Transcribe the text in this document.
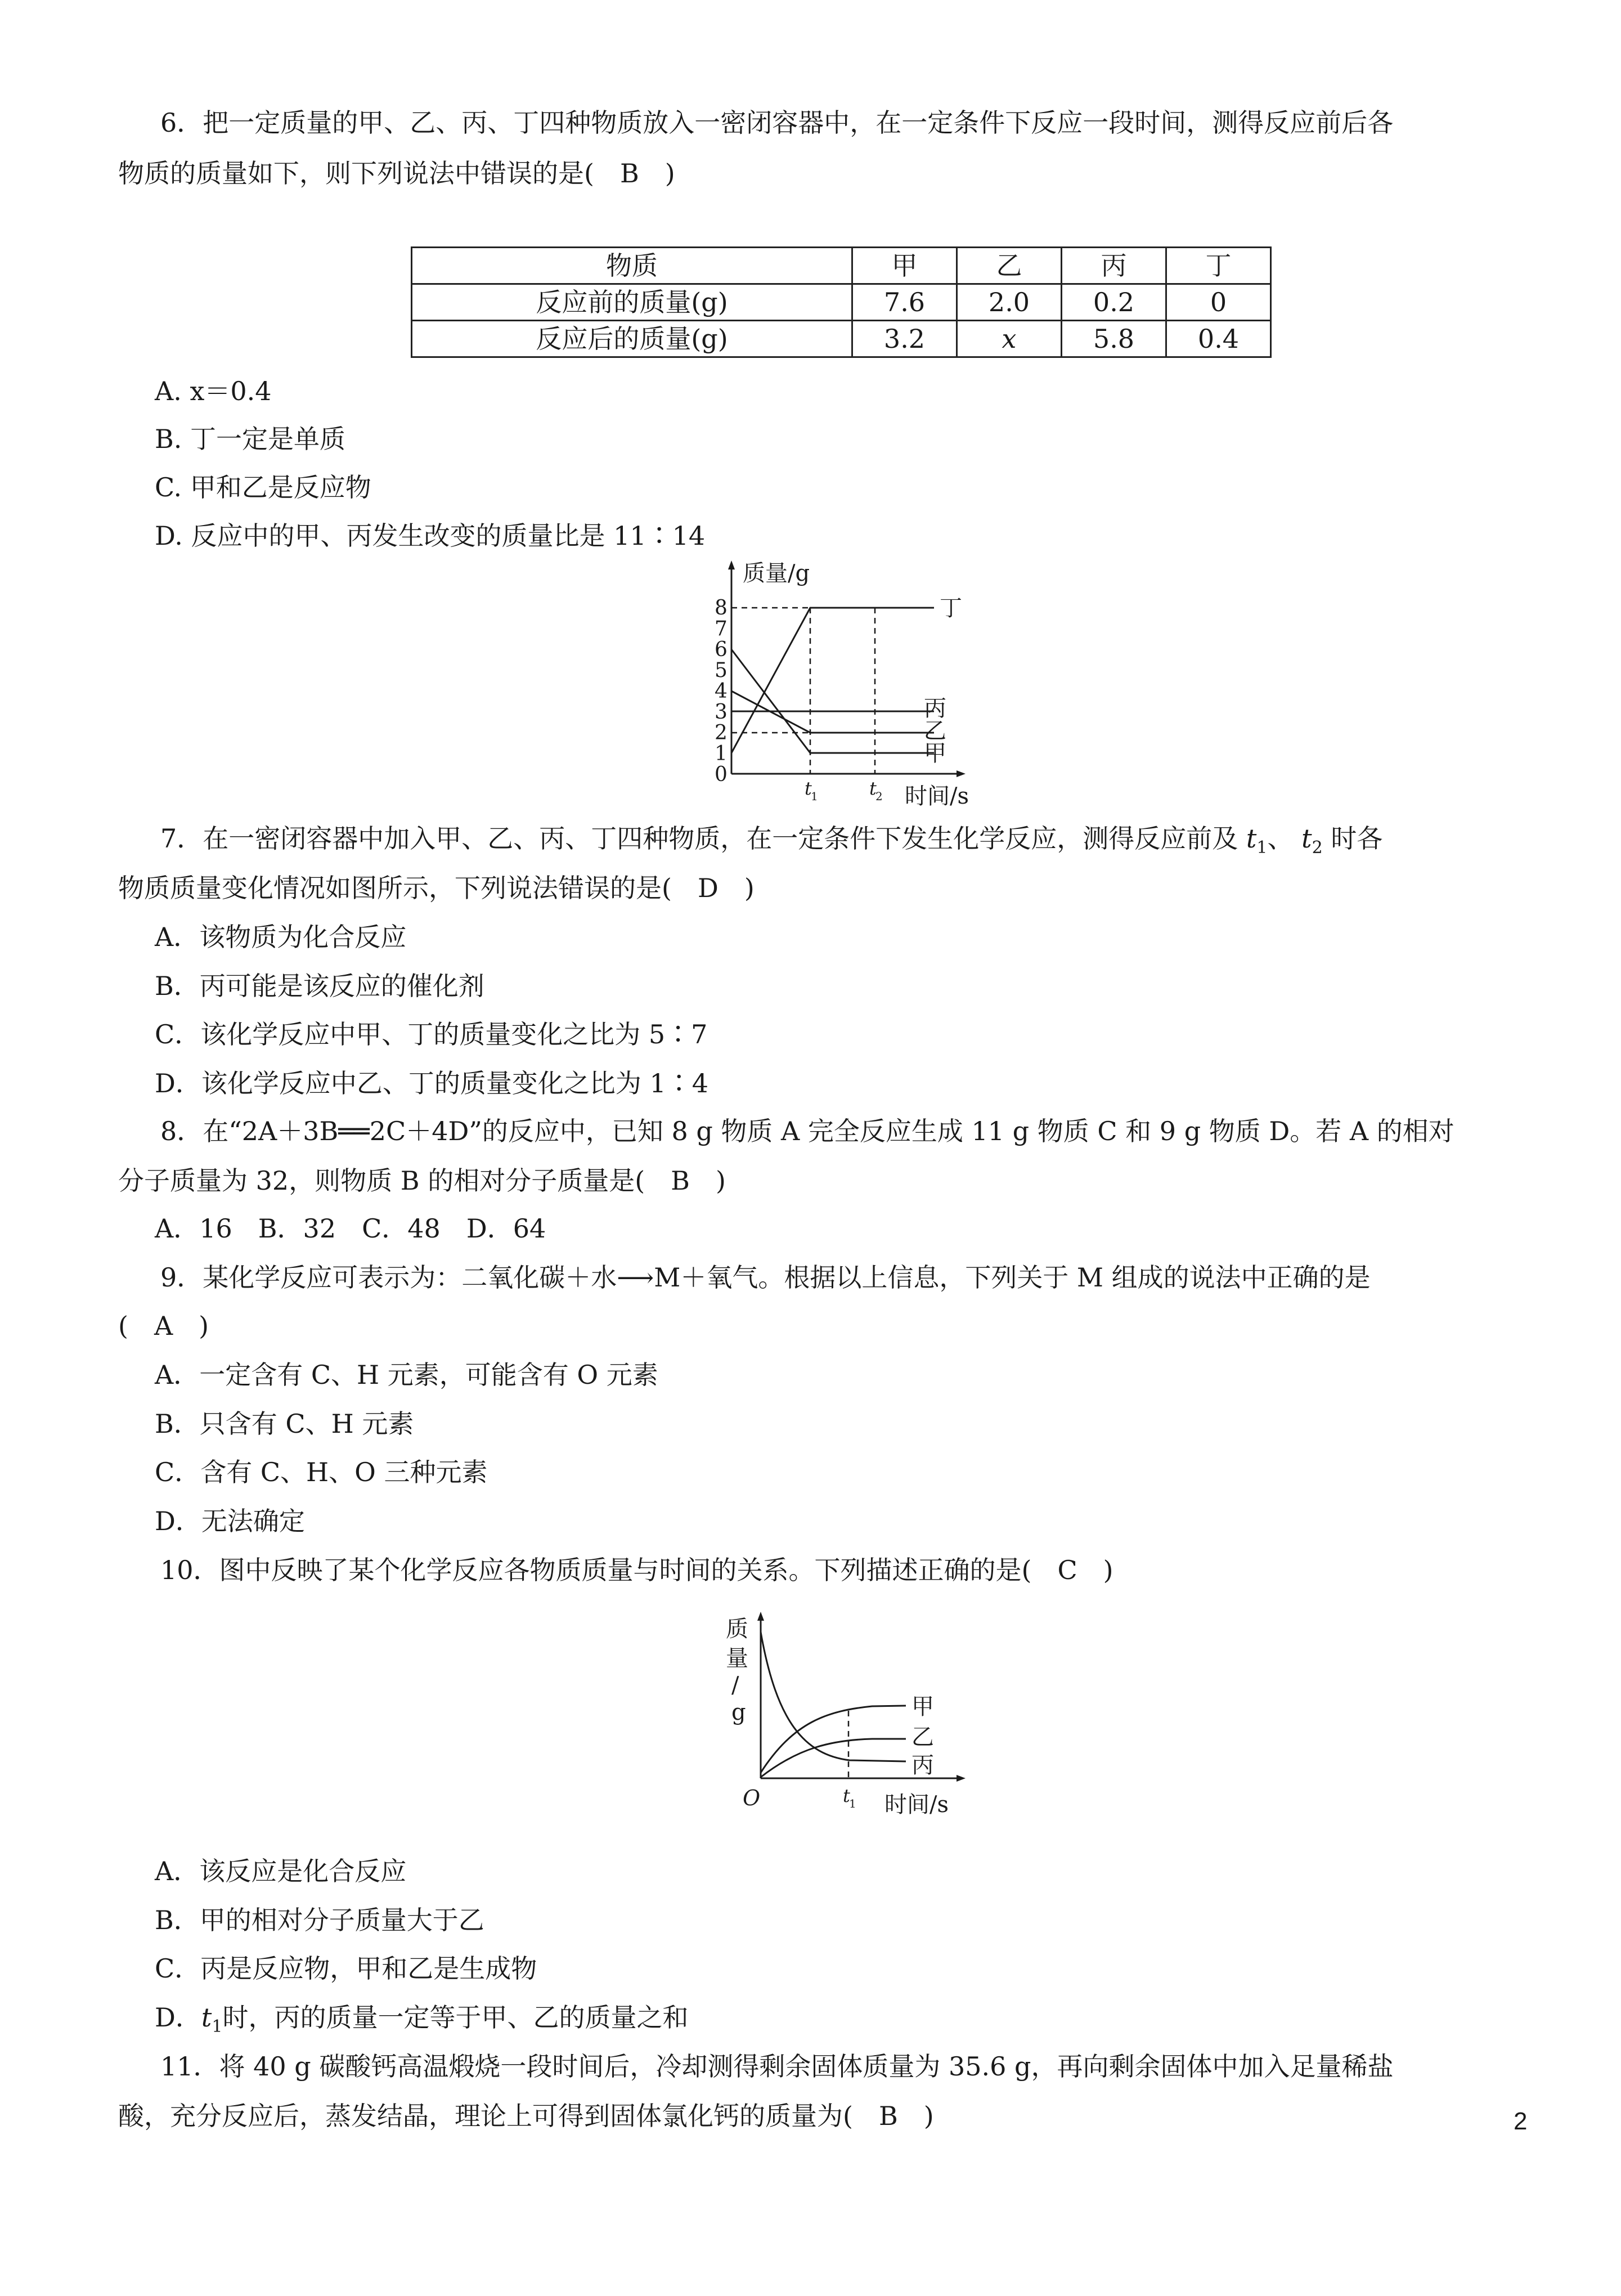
6．把一定质量的甲、乙、丙、丁四种物质放入一密闭容器中，在一定条件下反应一段时间，测得反应前后各
物质的质量如下，则下列说法中错误的是(　B　)
物质	甲	乙	丙	丁
反应前的质量(g)	7.6	2.0	0.2	0
反应后的质量(g)	3.2	x	5.8	0.4
A. x＝0.4
B. 丁一定是单质
C. 甲和乙是反应物
D. 反应中的甲、丙发生改变的质量比是 11∶14
质量/g
时间/s
0
1
2
3
4
5
6
7
8	丁
丙
乙
甲
t
1	t
2
7．在一密闭容器中加入甲、乙、丙、丁四种物质，在一定条件下发生化学反应，测得反应前及 $t_1$、 $t_2$ 时各
物质质量变化情况如图所示，下列说法错误的是(　D　)
A．该物质为化合反应
B．丙可能是该反应的催化剂
C．该化学反应中甲、丁的质量变化之比为 5∶7
D．该化学反应中乙、丁的质量变化之比为 1∶4
8．在“2A＋3B══2C＋4D”的反应中，已知 8 g 物质 A 完全反应生成 11 g 物质 C 和 9 g 物质 D。若 A 的相对
分子质量为 32，则物质 B 的相对分子质量是(　B　)
A．16　B．32　C．48　D．64
9．某化学反应可表示为：二氧化碳＋水⟶M＋氧气。根据以上信息，下列关于 M 组成的说法中正确的是
(　A　)
A．一定含有 C、H 元素，可能含有 O 元素
B．只含有 C、H 元素
C．含有 C、H、O 三种元素
D．无法确定
10．图中反映了某个化学反应各物质质量与时间的关系。下列描述正确的是(　C　)
质
量
/
g
O	时间/s
t
1
甲
乙
丙
A．该反应是化合反应
B．甲的相对分子质量大于乙
C．丙是反应物，甲和乙是生成物
D．$t_1$时，丙的质量一定等于甲、乙的质量之和
11．将 40 g 碳酸钙高温煅烧一段时间后，冷却测得剩余固体质量为 35.6 g，再向剩余固体中加入足量稀盐
酸，充分反应后，蒸发结晶，理论上可得到固体氯化钙的质量为(　B　)	2
